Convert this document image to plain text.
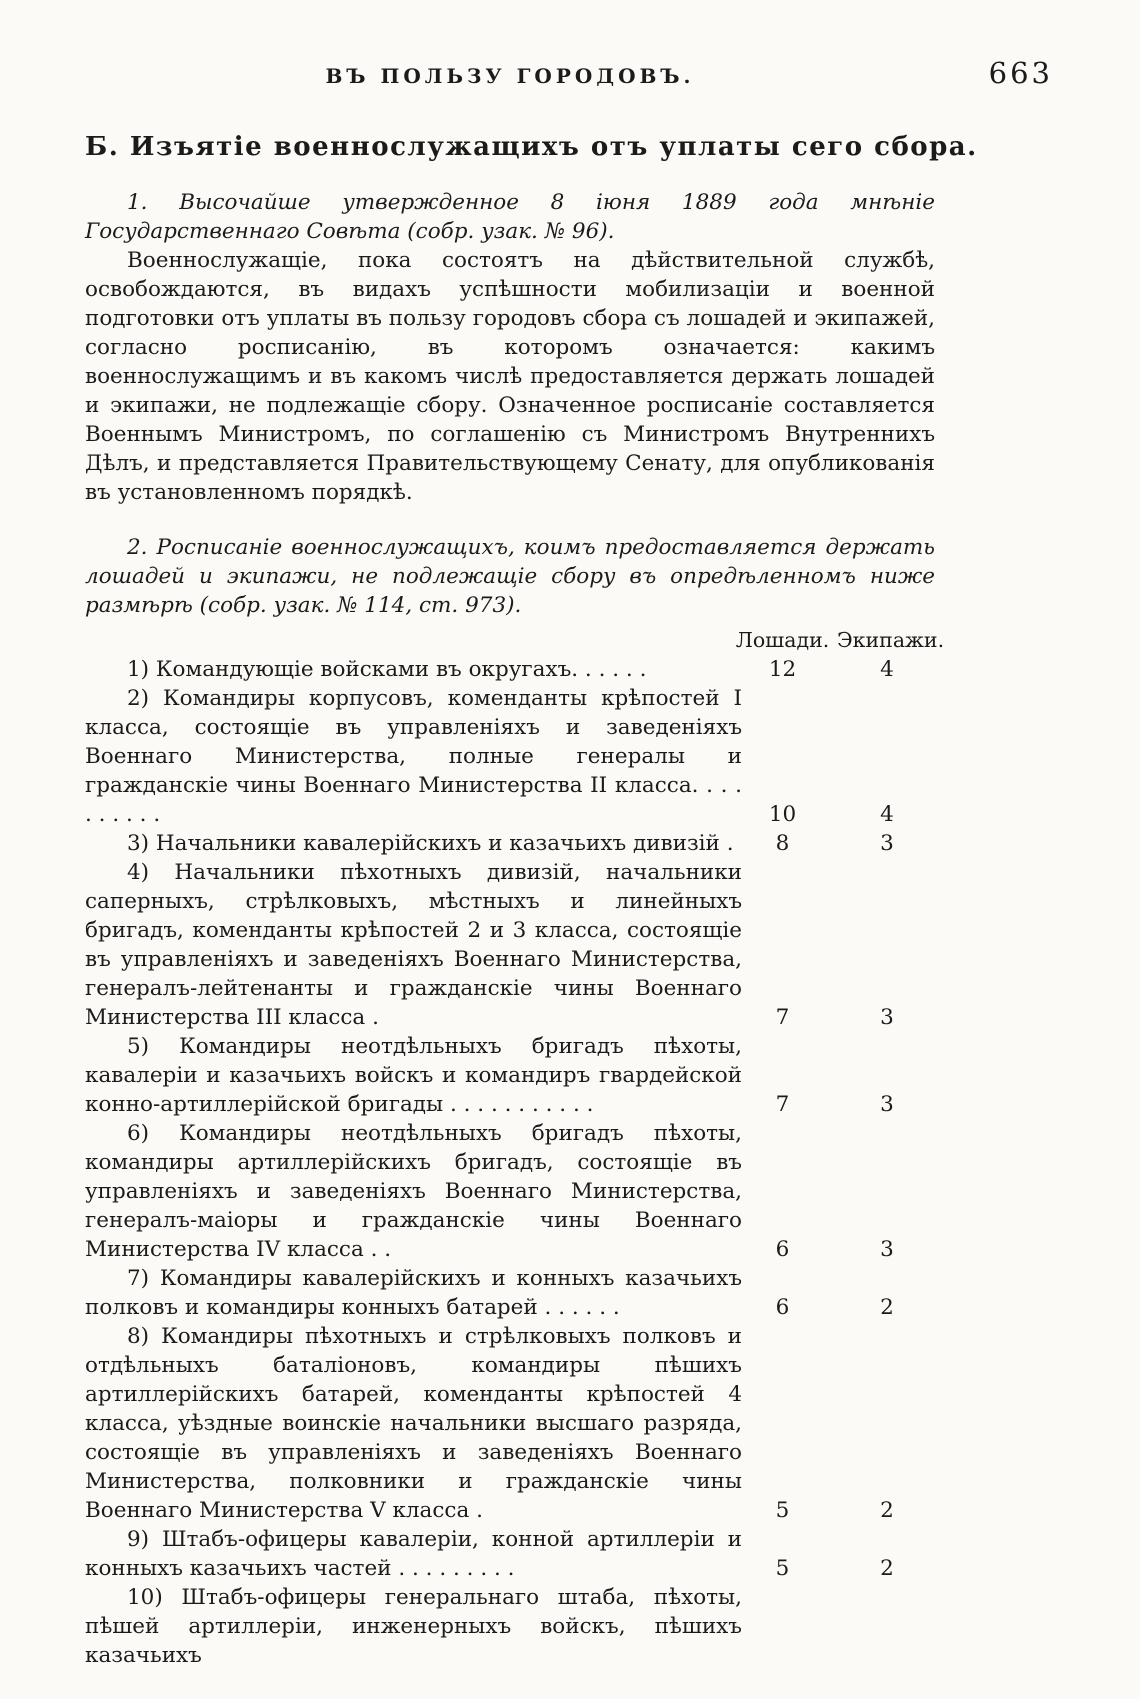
ВЪ ПОЛЬЗУ ГОРОДОВЪ.	663
Б. Изъятіе военнослужащихъ отъ уплаты сего сбора.

1. Высочайше утвержденное 8 іюня 1889 года мнѣніе Государственнаго Совѣта (собр. узак. № 96).

Военнослужащіе, пока состоятъ на дѣйствительной службѣ, освобождаются, въ видахъ успѣшности мобилизаціи и военной подготовки отъ уплаты въ пользу городовъ сбора съ лошадей и экипажей, согласно росписанію, въ которомъ означается: какимъ военнослужащимъ и въ какомъ числѣ предоставляется держать лошадей и экипажи, не подлежащіе сбору. Означенное росписаніе составляется Военнымъ Министромъ, по соглашенію съ Министромъ Внутреннихъ Дѣлъ, и представляется Правительствующему Сенату, для опубликованія въ установленномъ порядкѣ.

2. Росписаніе военнослужащихъ, коимъ предоставляется держать лошадей и экипажи, не подлежащіе сбору въ опредѣленномъ ниже размѣрѣ (собр. узак. № 114, ст. 973).

Лошади. Экипажи.

1) Командующіе войсками въ округахъ. . . . . .	12	4

2) Командиры корпусовъ, коменданты крѣпостей I класса, состоящіе въ управленіяхъ и заведеніяхъ Военнаго Министерства, полные генералы и гражданскіе чины Военнаго Министерства II класса. . . . . . . . . .	10	4

3) Начальники кавалерійскихъ и казачьихъ дивизій .	8	3

4) Начальники пѣхотныхъ дивизій, начальники саперныхъ, стрѣлковыхъ, мѣстныхъ и линейныхъ бригадъ, коменданты крѣпостей 2 и 3 класса, состоящіе въ управленіяхъ и заведеніяхъ Военнаго Министерства, генералъ-лейтенанты и гражданскіе чины Военнаго Министерства III класса .	7	3

5) Командиры неотдѣльныхъ бригадъ пѣхоты, кавалеріи и казачьихъ войскъ и командиръ гвардейской конно-артиллерійской бригады . . . . . . . . . . .	7	3

6) Командиры неотдѣльныхъ бригадъ пѣхоты, командиры артиллерійскихъ бригадъ, состоящіе въ управленіяхъ и заведеніяхъ Военнаго Министерства, генералъ-маіоры и гражданскіе чины Военнаго Министерства IV класса . .	6	3

7) Командиры кавалерійскихъ и конныхъ казачьихъ полковъ и командиры конныхъ батарей . . . . . .	6	2

8) Командиры пѣхотныхъ и стрѣлковыхъ полковъ и отдѣльныхъ баталіоновъ, командиры пѣшихъ артиллерійскихъ батарей, коменданты крѣпостей 4 класса, уѣздные воинскіе начальники высшаго разряда, состоящіе въ управленіяхъ и заведеніяхъ Военнаго Министерства, полковники и гражданскіе чины Военнаго Министерства V класса .	5	2

9) Штабъ-офицеры кавалеріи, конной артиллеріи и конныхъ казачьихъ частей . . . . . . . . .	5	2

10) Штабъ-офицеры генеральнаго штаба, пѣхоты, пѣшей артиллеріи, инженерныхъ войскъ, пѣшихъ казачьихъ
